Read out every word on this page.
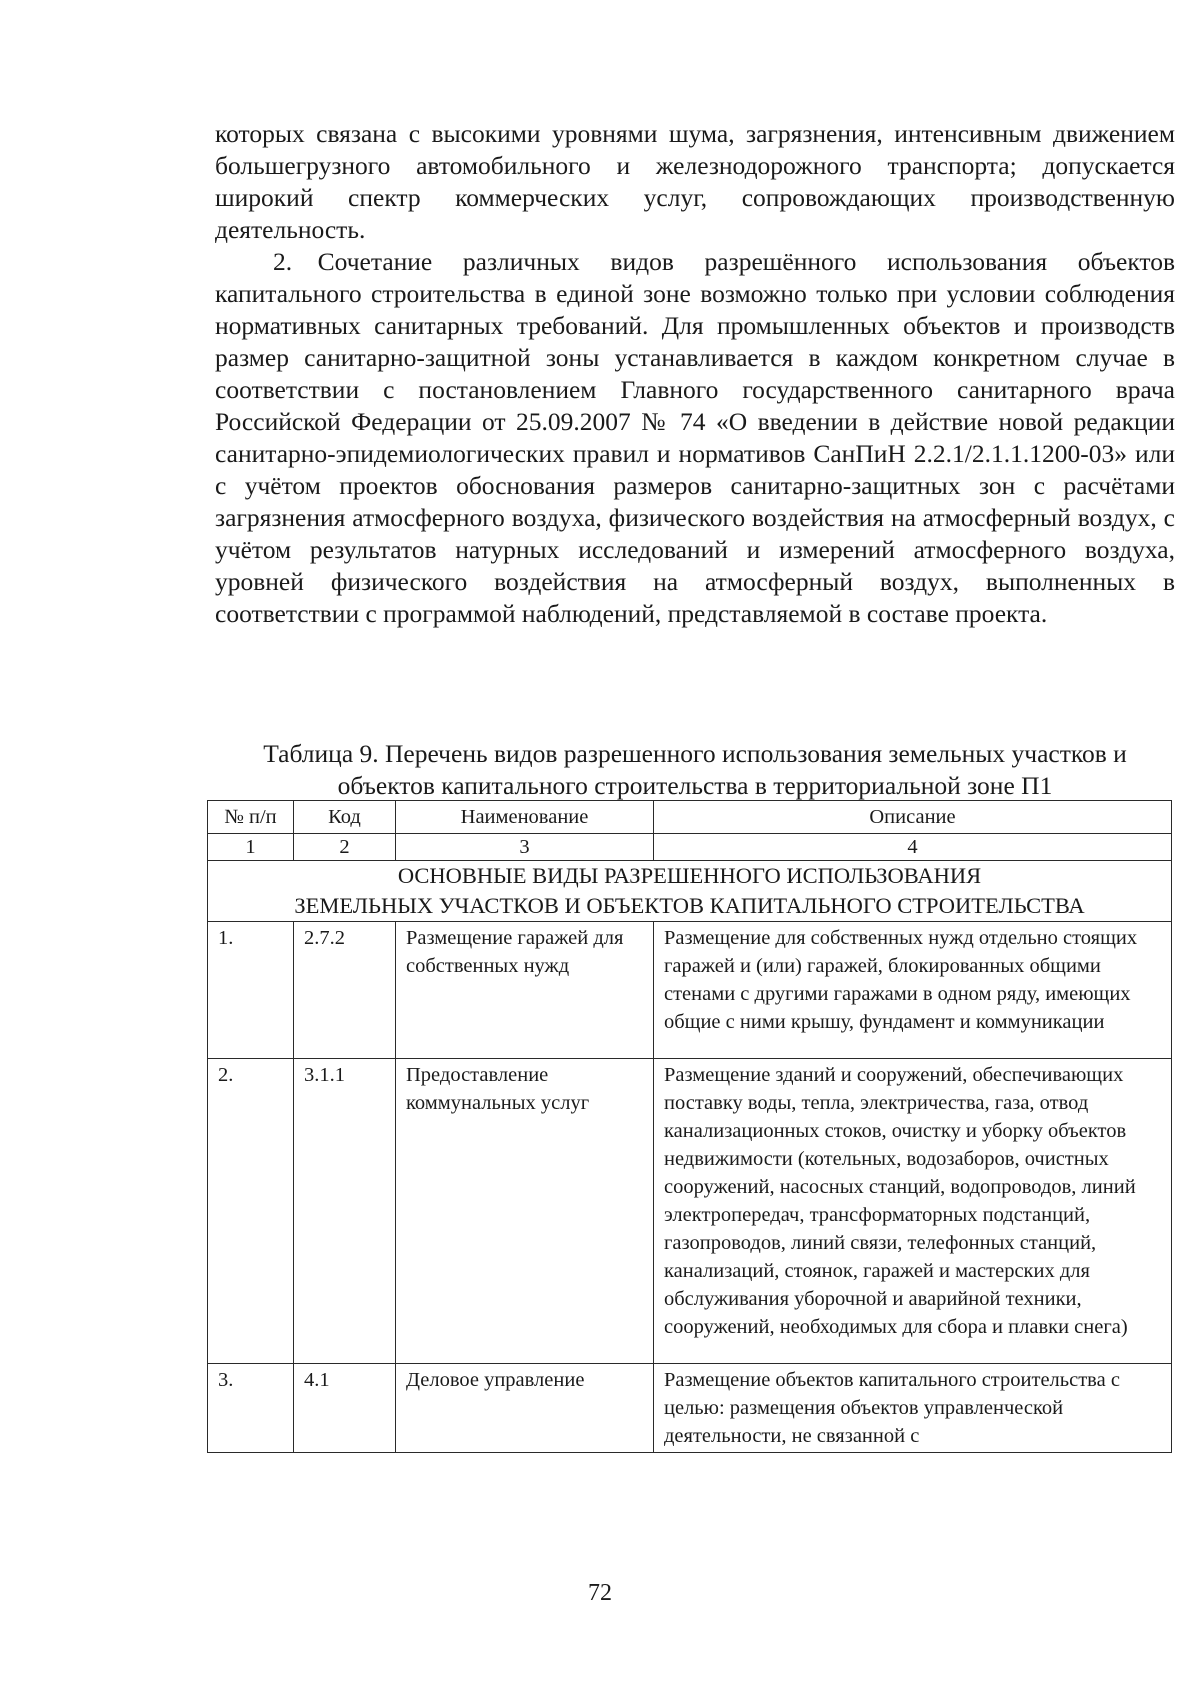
которых связана с высокими уровнями шума, загрязнения, интенсивным движением большегрузного автомобильного и железнодорожного транспорта; допускается широкий спектр коммерческих услуг, сопровождающих производственную деятельность.

2. Сочетание различных видов разрешённого использования объектов капитального строительства в единой зоне возможно только при условии соблюдения нормативных санитарных требований. Для промышленных объектов и производств размер санитарно-защитной зоны устанавливается в каждом конкретном случае в соответствии с постановлением Главного государственного санитарного врача Российской Федерации от 25.09.2007 № 74 «О введении в действие новой редакции санитарно-эпидемиологических правил и нормативов СанПиН 2.2.1/2.1.1.1200-03» или с учётом проектов обоснования размеров санитарно-защитных зон с расчётами загрязнения атмосферного воздуха, физического воздействия на атмосферный воздух, с учётом результатов натурных исследований и измерений атмосферного воздуха, уровней физического воздействия на атмосферный воздух, выполненных в соответствии с программой наблюдений, представляемой в составе проекта.

Таблица 9. Перечень видов разрешенного использования земельных участков и
объектов капитального строительства в территориальной зоне П1
№ п/п	Код	Наименование	Описание
1	2	3	4

ОСНОВНЫЕ ВИДЫ РАЗРЕШЕННОГО ИСПОЛЬЗОВАНИЯ
ЗЕМЕЛЬНЫХ УЧАСТКОВ И ОБЪЕКТОВ КАПИТАЛЬНОГО СТРОИТЕЛЬСТВА			

1.	2.7.2	Размещение гаражей для собственных нужд	Размещение для собственных нужд отдельно стоящих гаражей и (или) гаражей, блокированных общими стенами с другими гаражами в одном ряду, имеющих общие с ними крышу, фундамент и коммуникации
2.	3.1.1	Предоставление коммунальных услуг	Размещение зданий и сооружений, обеспечивающих поставку воды, тепла, электричества, газа, отвод канализационных стоков, очистку и уборку объектов недвижимости (котельных, водозаборов, очистных сооружений, насосных станций, водопроводов, линий электропередач, трансформаторных подстанций, газопроводов, линий связи, телефонных станций, канализаций, стоянок, гаражей и мастерских для обслуживания уборочной и аварийной техники, сооружений, необходимых для сбора и плавки снега)
3.	4.1	Деловое управление	Размещение объектов капитального строительства с целью: размещения объектов управленческой деятельности, не связанной с
72
